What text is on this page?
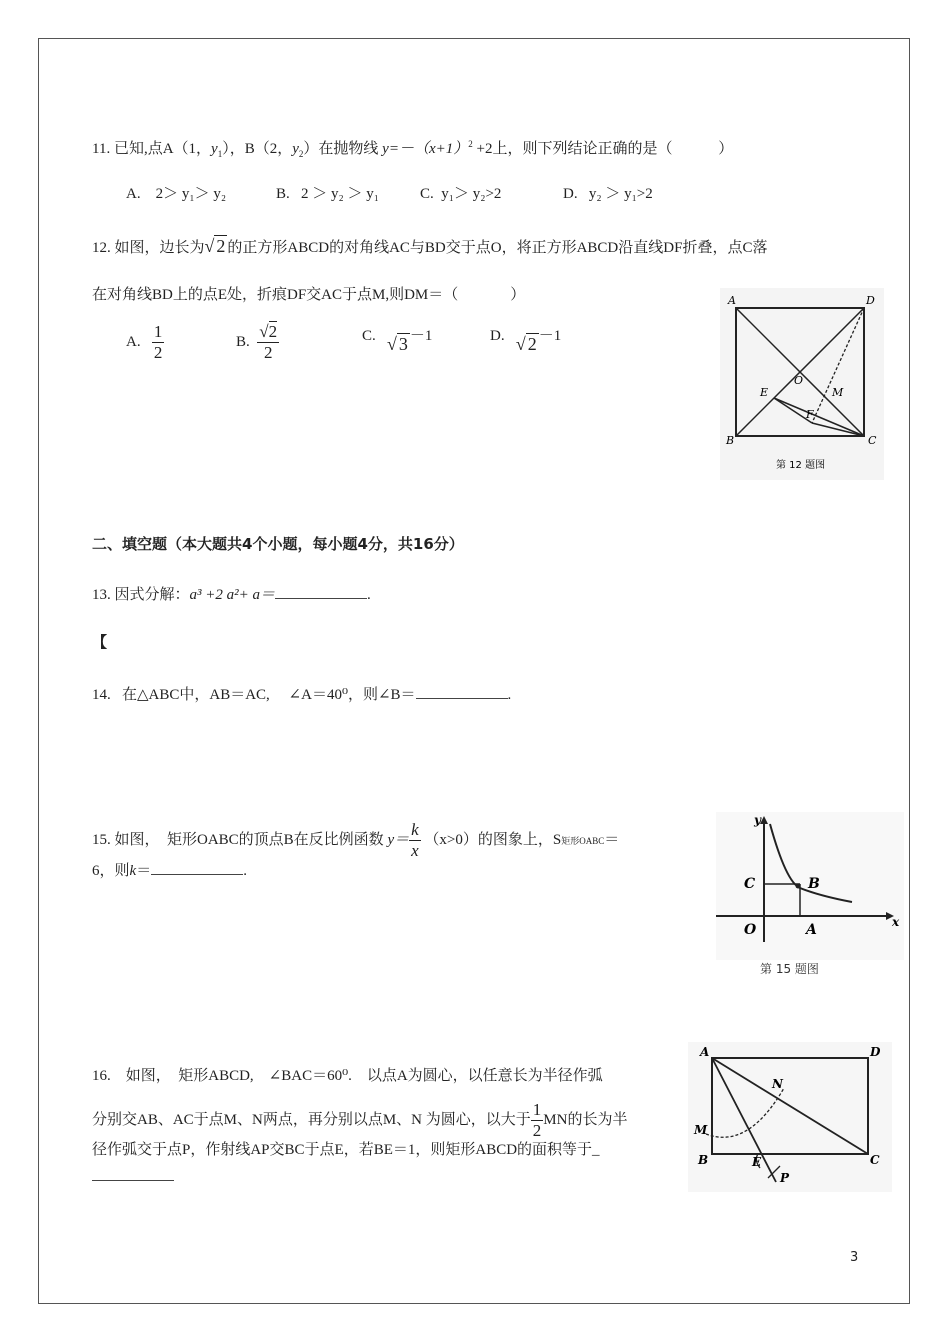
11. 已知,点A（1，$y_1$），B（2，$y_2$）在抛物线 $y=-(x+1)^2 +2$上，则下列结论正确的是（	）
A. 2＞ y₁＞ y₂	B. 2 ＞ y₂ ＞ y₁	C. y₁＞ y₂>2	D. y₂ ＞ y₁>2
12. 如图，边长为√ 2 的正方形ABCD的对角线AC与BD交于点O，将正方形ABCD沿直线DF折叠，点C落
在对角线BD上的点E处，折痕DF交AC于点M,则DM＝（	）
A. $\frac{1}{2}$	B. $\frac{√2}{2}$	C. √ 3 －1	D. √ 2 －1
A	D
B	C
O
E	M
F
第 12 题图
二、填空题（本大题共4个小题，每小题4分，共16分）
13. 因式分解：a³ +2 a²+ a＝	.
【
14. 在△ABC中，AB＝AC,　 ∠A＝40⁰，则∠B＝	.
15. 如图，　矩形OABC的顶点B在反比例函数 $y= \frac{k}{x} (x>0)$的图象上，S矩形OABC＝
6，则k＝	.
y
x
O	A
C	B
第 15 题图
16. 如图，　矩形ABCD,　∠BAC＝60⁰.　以点A为圆心，以任意长为半径作弧
分别交AB、AC于点M、N两点，再分别以点M、N 为圆心，以大于 $\frac{1}{2}$ MN的长为半
径作弧交于点P，作射线AP交BC于点E，若BE＝1，则矩形ABCD的面积等于_
A	D
B	C
M
N
E
P
3
